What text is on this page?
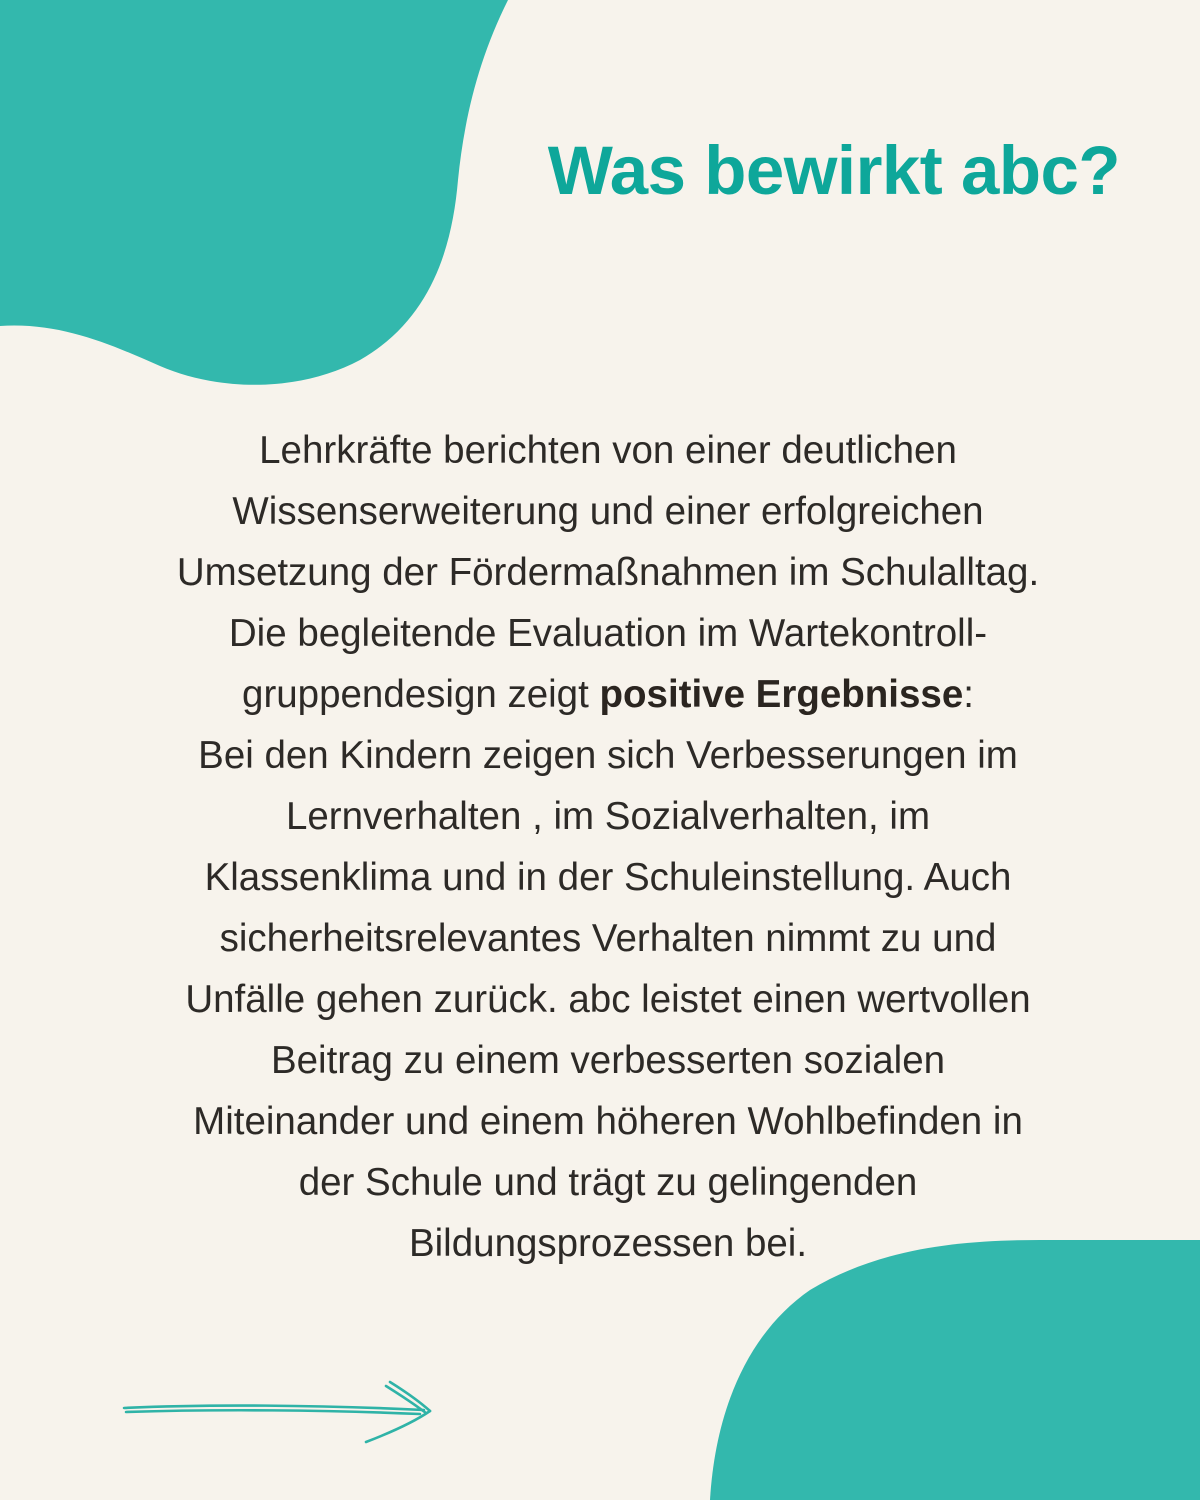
Was bewirkt abc?

Lehrkräfte berichten von einer deutlichen
Wissenserweiterung und einer erfolgreichen
Umsetzung der Fördermaßnahmen im Schulalltag.
Die begleitende Evaluation im Wartekontroll-
gruppendesign zeigt positive Ergebnisse:
Bei den Kindern zeigen sich Verbesserungen im
Lernverhalten , im Sozialverhalten, im
Klassenklima und in der Schuleinstellung. Auch
sicherheitsrelevantes Verhalten nimmt zu und
Unfälle gehen zurück. abc leistet einen wertvollen
Beitrag zu einem verbesserten sozialen
Miteinander und einem höheren Wohlbefinden in
der Schule und trägt zu gelingenden
Bildungsprozessen bei.
